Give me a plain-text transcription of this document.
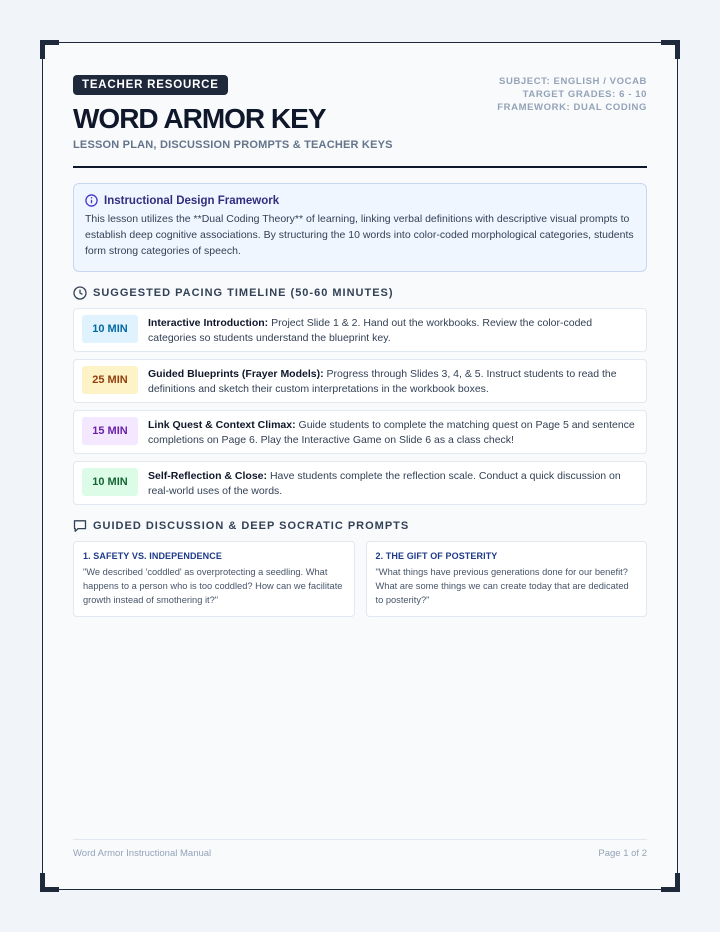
SUBJECT: ENGLISH / VOCAB
TARGET GRADES: 6 - 10
FRAMEWORK: DUAL CODING
TEACHER RESOURCE
WORD ARMOR KEY
LESSON PLAN, DISCUSSION PROMPTS & TEACHER KEYS
Instructional Design Framework
This lesson utilizes the **Dual Coding Theory** of learning, linking verbal definitions with descriptive visual prompts to establish deep cognitive associations. By structuring the 10 words into color-coded morphological categories, students form strong categories of speech.
SUGGESTED PACING TIMELINE (50-60 MINUTES)
10 MIN	Interactive Introduction: Project Slide 1 & 2. Hand out the workbooks. Review the color-coded categories so students understand the blueprint key.
25 MIN	Guided Blueprints (Frayer Models): Progress through Slides 3, 4, & 5. Instruct students to read the definitions and sketch their custom interpretations in the workbook boxes.
15 MIN	Link Quest & Context Climax: Guide students to complete the matching quest on Page 5 and sentence completions on Page 6. Play the Interactive Game on Slide 6 as a class check!
10 MIN	Self-Reflection & Close: Have students complete the reflection scale. Conduct a quick discussion on real-world uses of the words.
GUIDED DISCUSSION & DEEP SOCRATIC PROMPTS
1. SAFETY VS. INDEPENDENCE
"We described 'coddled' as overprotecting a seedling. What happens to a person who is too coddled? How can we facilitate growth instead of smothering it?"
2. THE GIFT OF POSTERITY
"What things have previous generations done for our benefit? What are some things we can create today that are dedicated to posterity?"
Word Armor Instructional Manual	Page 1 of 2
